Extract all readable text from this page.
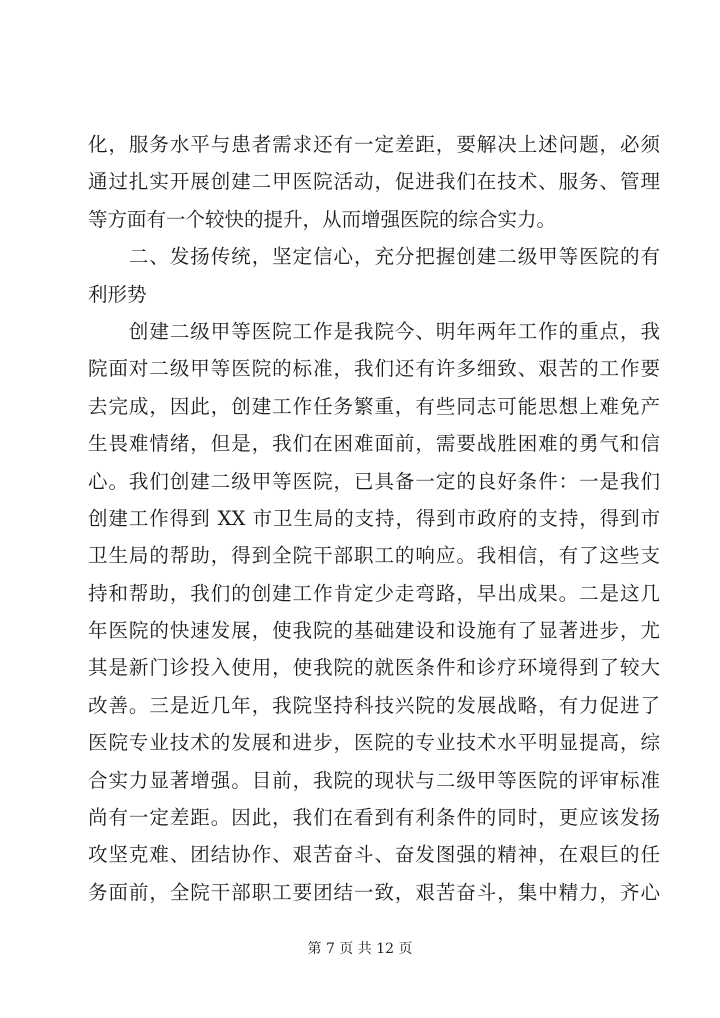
化，服务水平与患者需求还有一定差距，要解决上述问题，必须
通过扎实开展创建二甲医院活动，促进我们在技术、服务、管理
等方面有一个较快的提升，从而增强医院的综合实力。
　　二、发扬传统，坚定信心，充分把握创建二级甲等医院的有
利形势
　　创建二级甲等医院工作是我院今、明年两年工作的重点，我
院面对二级甲等医院的标准，我们还有许多细致、艰苦的工作要
去完成，因此，创建工作任务繁重，有些同志可能思想上难免产
生畏难情绪，但是，我们在困难面前，需要战胜困难的勇气和信
心。我们创建二级甲等医院，已具备一定的良好条件：一是我们
创建工作得到 XX 市卫生局的支持，得到市政府的支持，得到市
卫生局的帮助，得到全院干部职工的响应。我相信，有了这些支
持和帮助，我们的创建工作肯定少走弯路，早出成果。二是这几
年医院的快速发展，使我院的基础建设和设施有了显著进步，尤
其是新门诊投入使用，使我院的就医条件和诊疗环境得到了较大
改善。三是近几年，我院坚持科技兴院的发展战略，有力促进了
医院专业技术的发展和进步，医院的专业技术水平明显提高，综
合实力显著增强。目前，我院的现状与二级甲等医院的评审标准
尚有一定差距。因此，我们在看到有利条件的同时，更应该发扬
攻坚克难、团结协作、艰苦奋斗、奋发图强的精神，在艰巨的任
务面前，全院干部职工要团结一致，艰苦奋斗，集中精力，齐心
第 7 页 共 12 页
